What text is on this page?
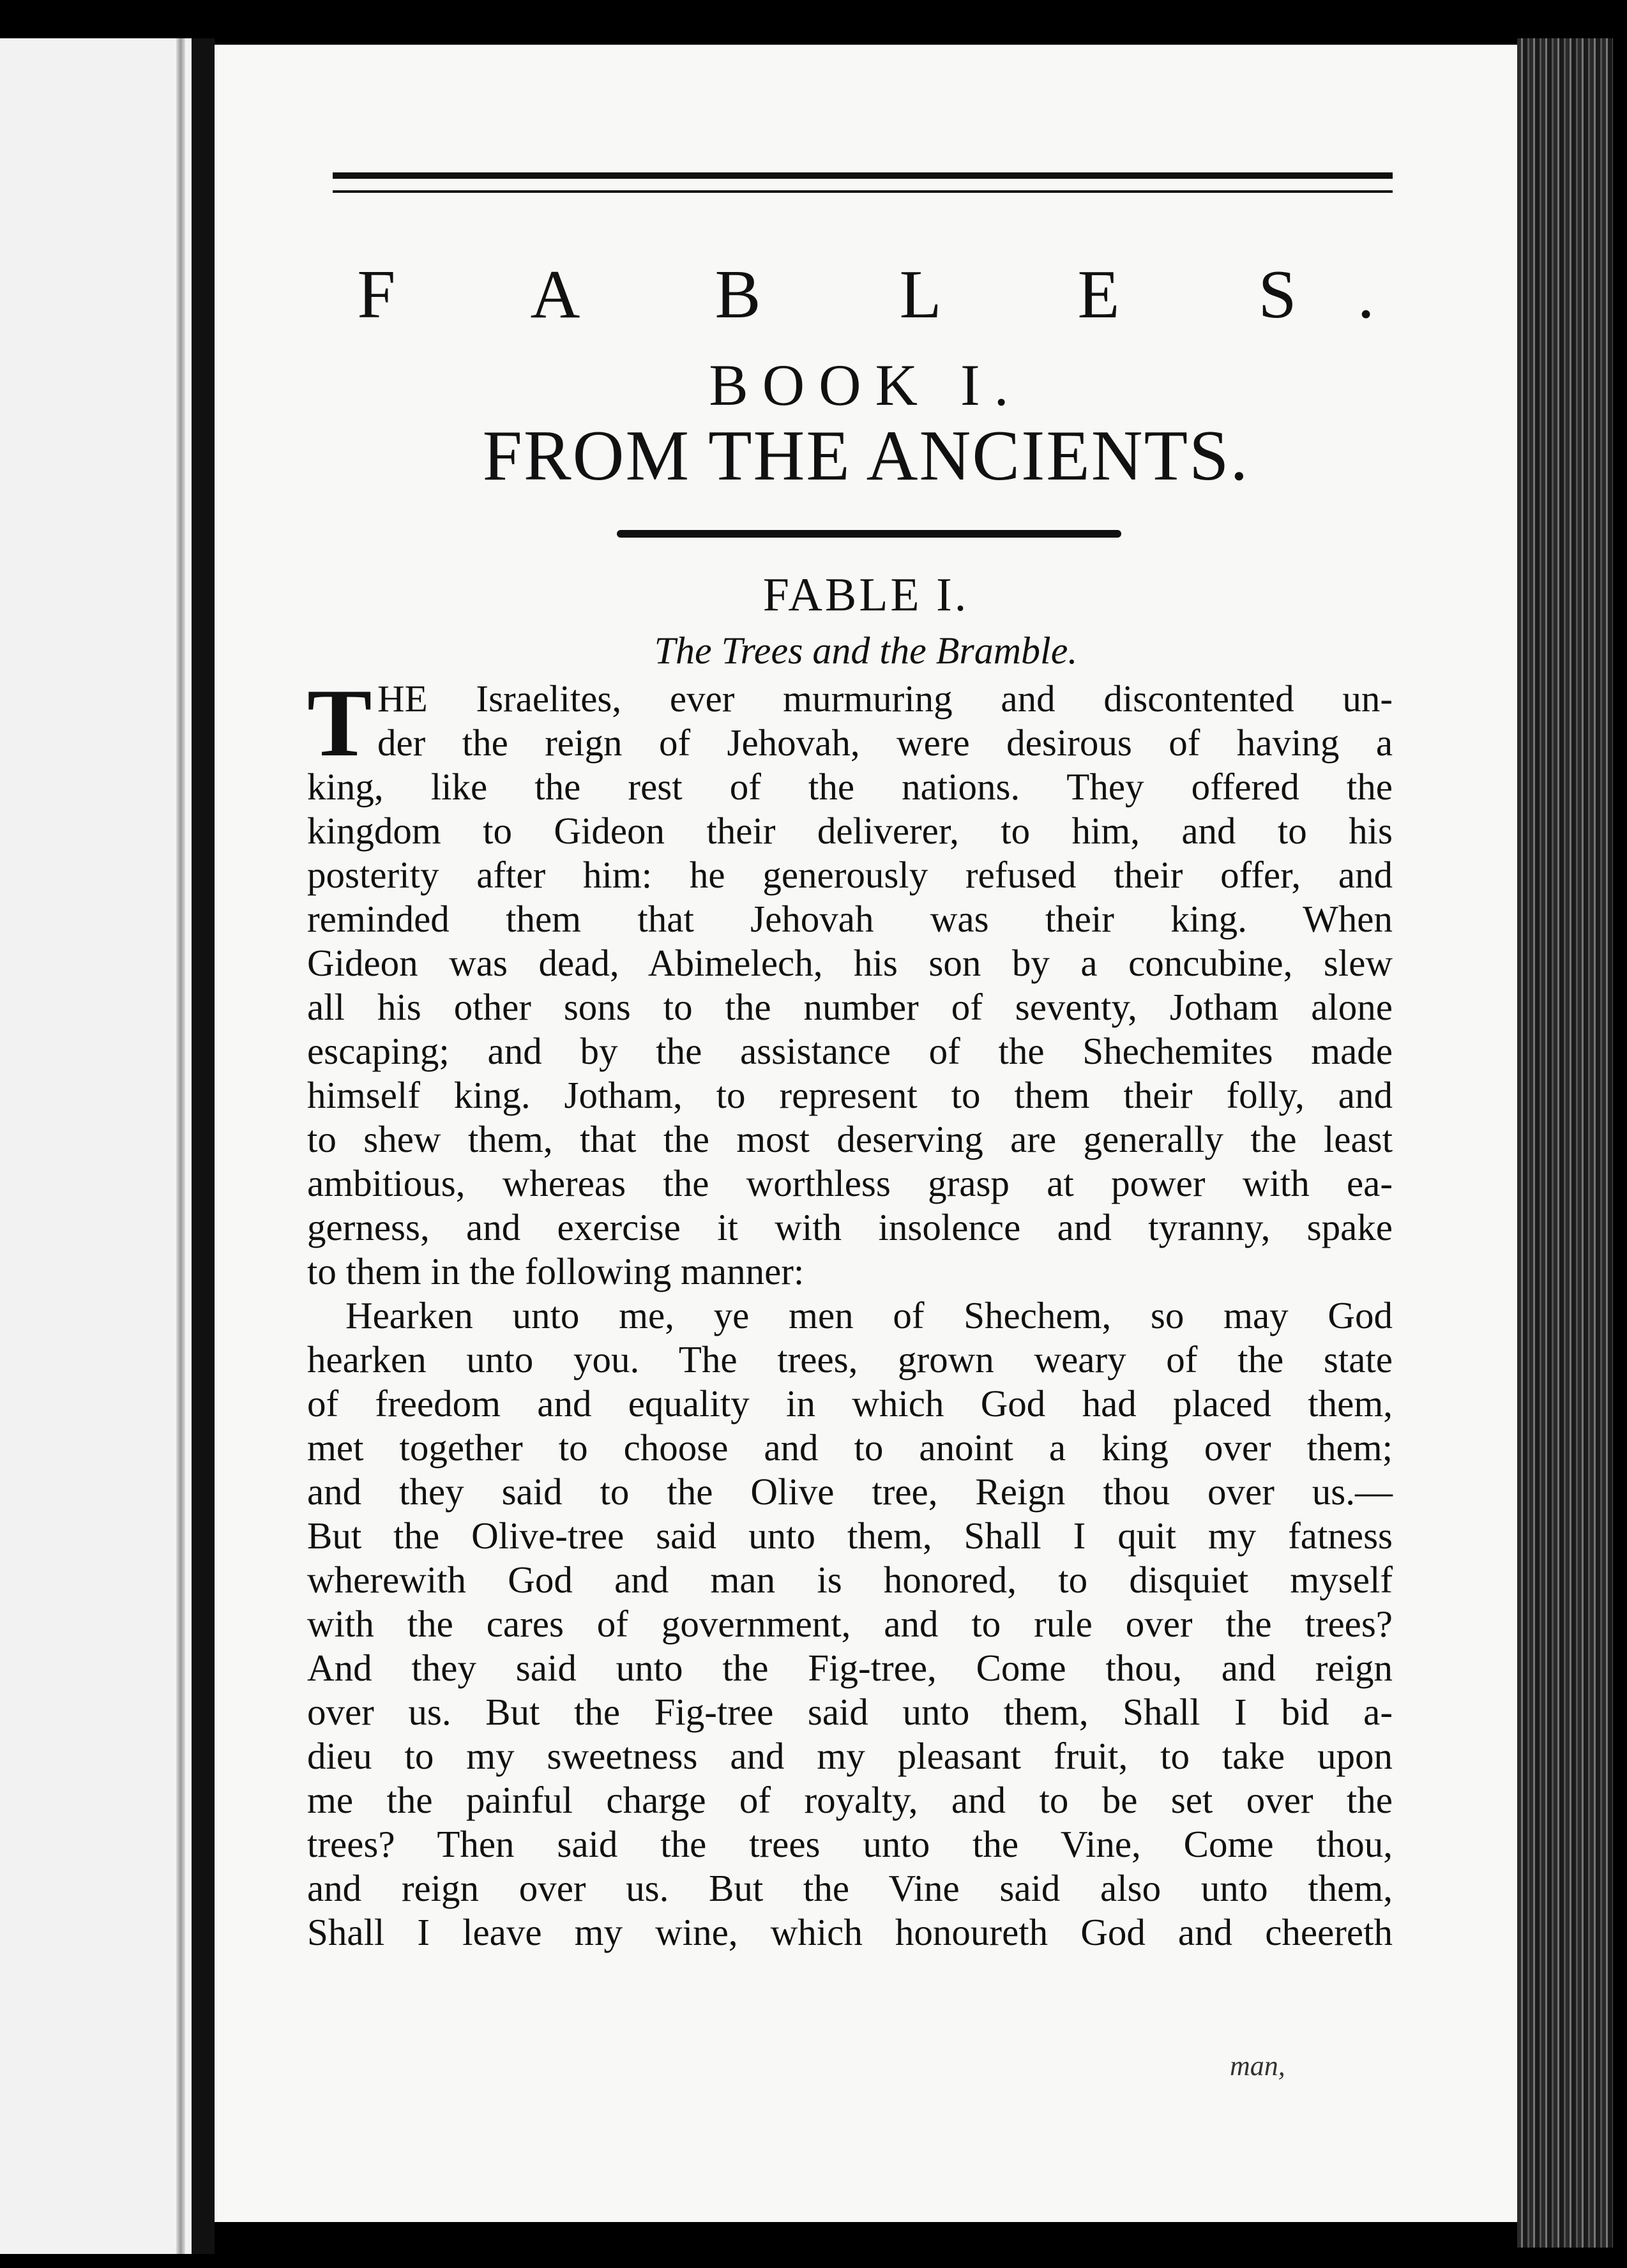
F A B L E S.
BOOK I.
FROM THE ANCIENTS.
FABLE I.
The Trees and the Bramble.
T HE Israelites, ever murmuring and discontented un-
der the reign of Jehovah, were desirous of having a
king, like the rest of the nations. They offered the
kingdom to Gideon their deliverer, to him, and to his
posterity after him: he generously refused their offer, and
reminded them that Jehovah was their king. When
Gideon was dead, Abimelech, his son by a concubine, slew
all his other sons to the number of seventy, Jotham alone
escaping; and by the assistance of the Shechemites made
himself king. Jotham, to represent to them their folly, and
to shew them, that the most deserving are generally the least
ambitious, whereas the worthless grasp at power with ea-
gerness, and exercise it with insolence and tyranny, spake
to them in the following manner:
Hearken unto me, ye men of Shechem, so may God
hearken unto you. The trees, grown weary of the state
of freedom and equality in which God had placed them,
met together to choose and to anoint a king over them;
and they said to the Olive tree, Reign thou over us.—
But the Olive-tree said unto them, Shall I quit my fatness
wherewith God and man is honored, to disquiet myself
with the cares of government, and to rule over the trees?
And they said unto the Fig-tree, Come thou, and reign
over us. But the Fig-tree said unto them, Shall I bid a-
dieu to my sweetness and my pleasant fruit, to take upon
me the painful charge of royalty, and to be set over the
trees? Then said the trees unto the Vine, Come thou,
and reign over us. But the Vine said also unto them,
Shall I leave my wine, which honoureth God and cheereth
man,
